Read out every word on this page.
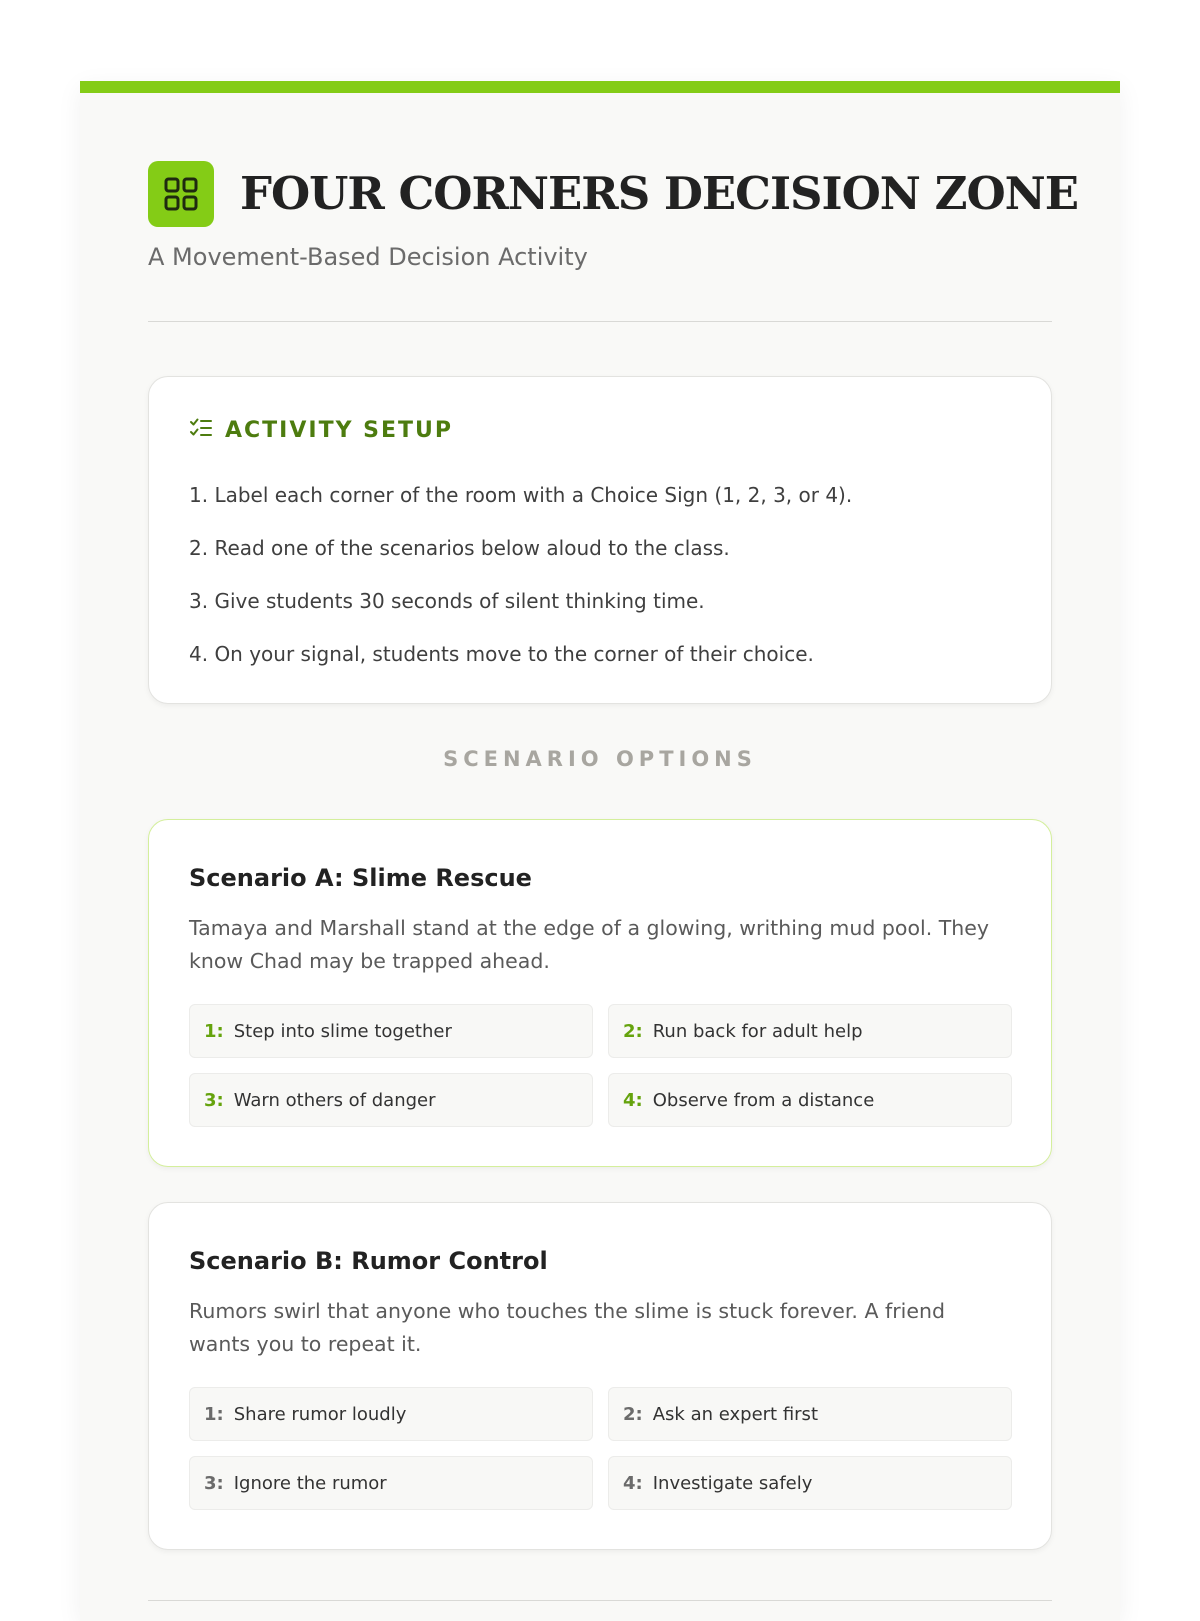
FOUR CORNERS DECISION ZONE

A Movement-Based Decision Activity

ACTIVITY SETUP
1. Label each corner of the room with a Choice Sign (1, 2, 3, or 4).
2. Read one of the scenarios below aloud to the class.
3. Give students 30 seconds of silent thinking time.
4. On your signal, students move to the corner of their choice.
SCENARIO OPTIONS
Scenario A: Slime Rescue

Tamaya and Marshall stand at the edge of a glowing, writhing mud pool. They know Chad may be trapped ahead.

1: Step into slime together	2: Run back for adult help
3: Warn others of danger	4: Observe from a distance
Scenario B: Rumor Control

Rumors swirl that anyone who touches the slime is stuck forever. A friend wants you to repeat it.

1: Share rumor loudly	2: Ask an expert first
3: Ignore the rumor	4: Investigate safely
